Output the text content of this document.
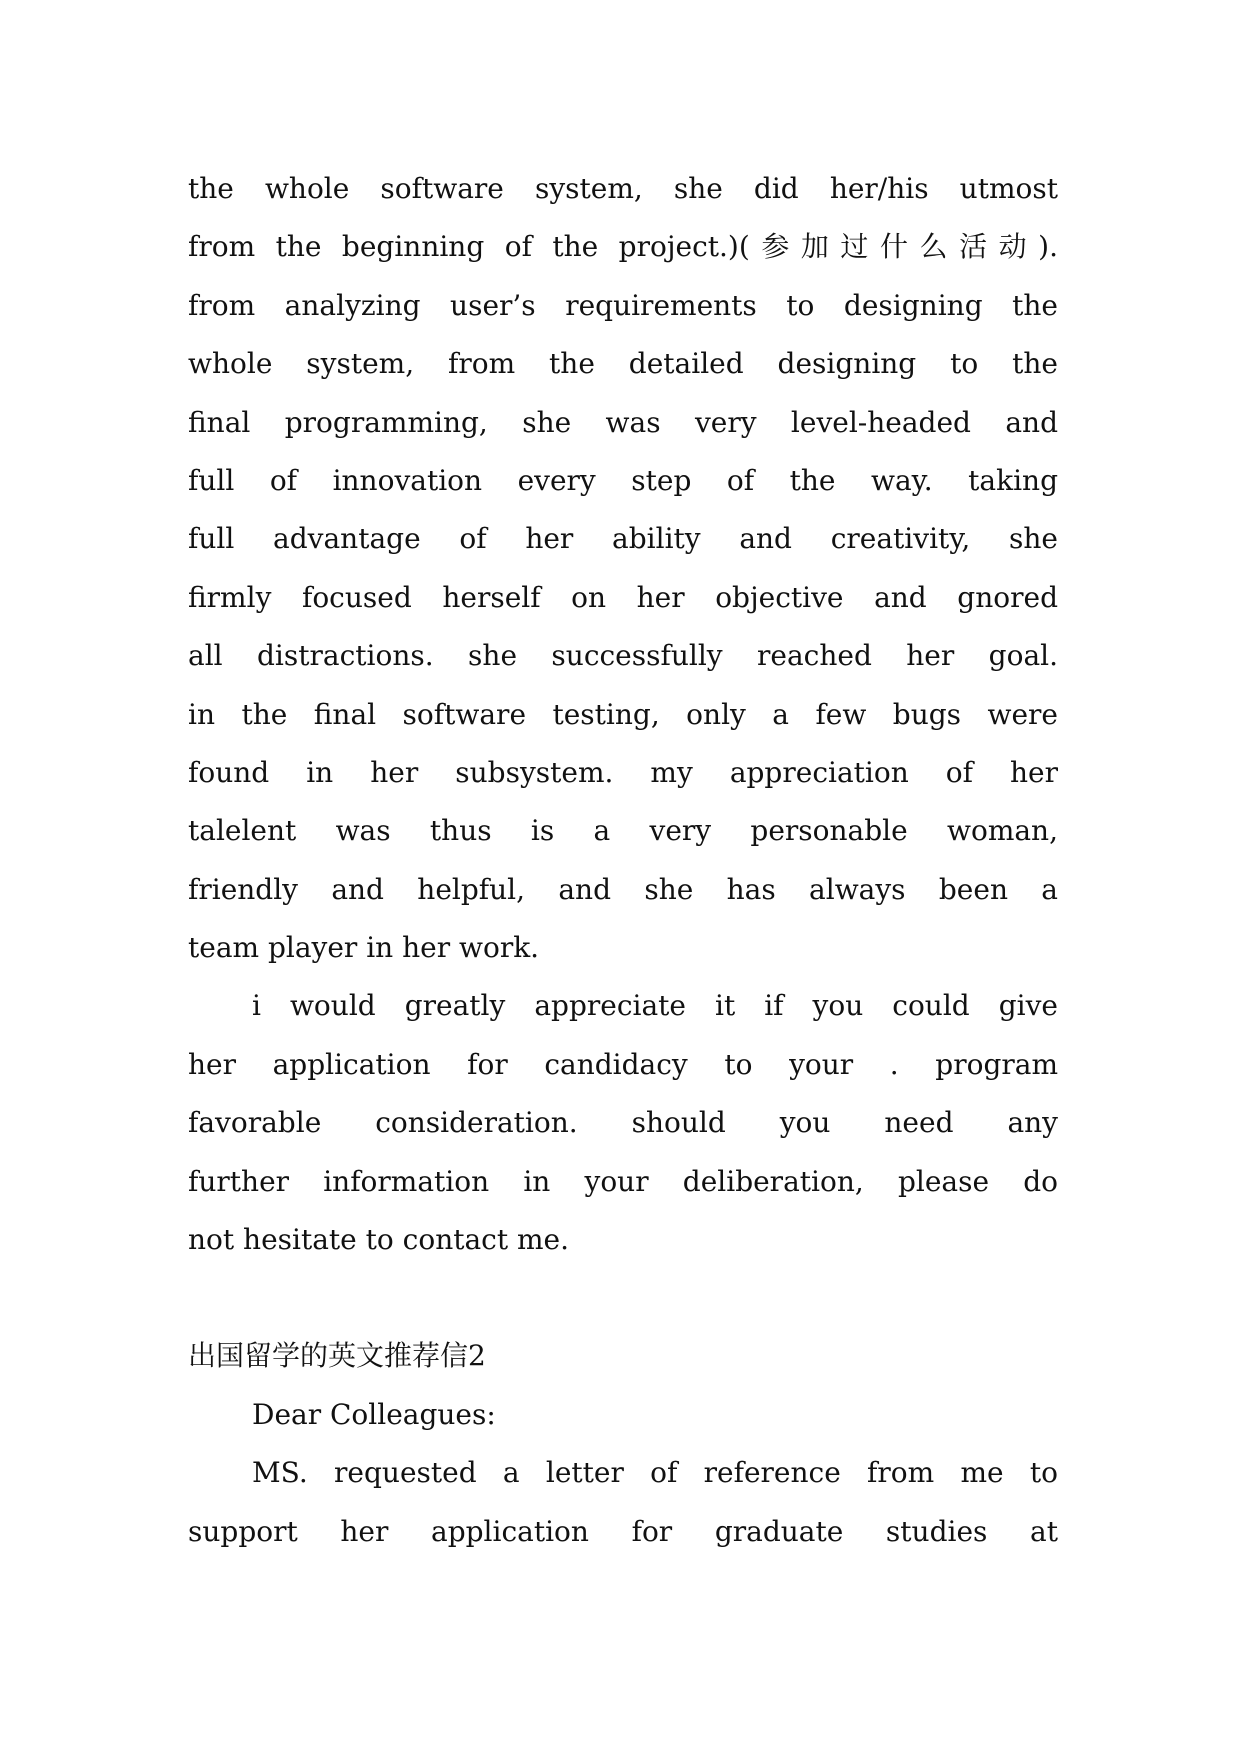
the whole software system, she did her/his utmost
from the beginning of the project.)(参加过什么活动).
from analyzing user’s requirements to designing the
whole system, from the detailed designing to the
final programming, she was very level-headed and
full of innovation every step of the way. taking
full advantage of her ability and creativity, she
firmly focused herself on her objective and gnored
all distractions. she successfully reached her goal.
in the final software testing, only a few bugs were
found in her subsystem. my appreciation of her
talelent was thus is a very personable woman,
friendly and helpful, and she has always been a
team player in her work.
i would greatly appreciate it if you could give
her application for candidacy to your . program
favorable consideration. should you need any
further information in your deliberation, please do
not hesitate to contact me.
出国留学的英文推荐信2
Dear Colleagues:
MS. requested a letter of reference from me to
support her application for graduate studies at
